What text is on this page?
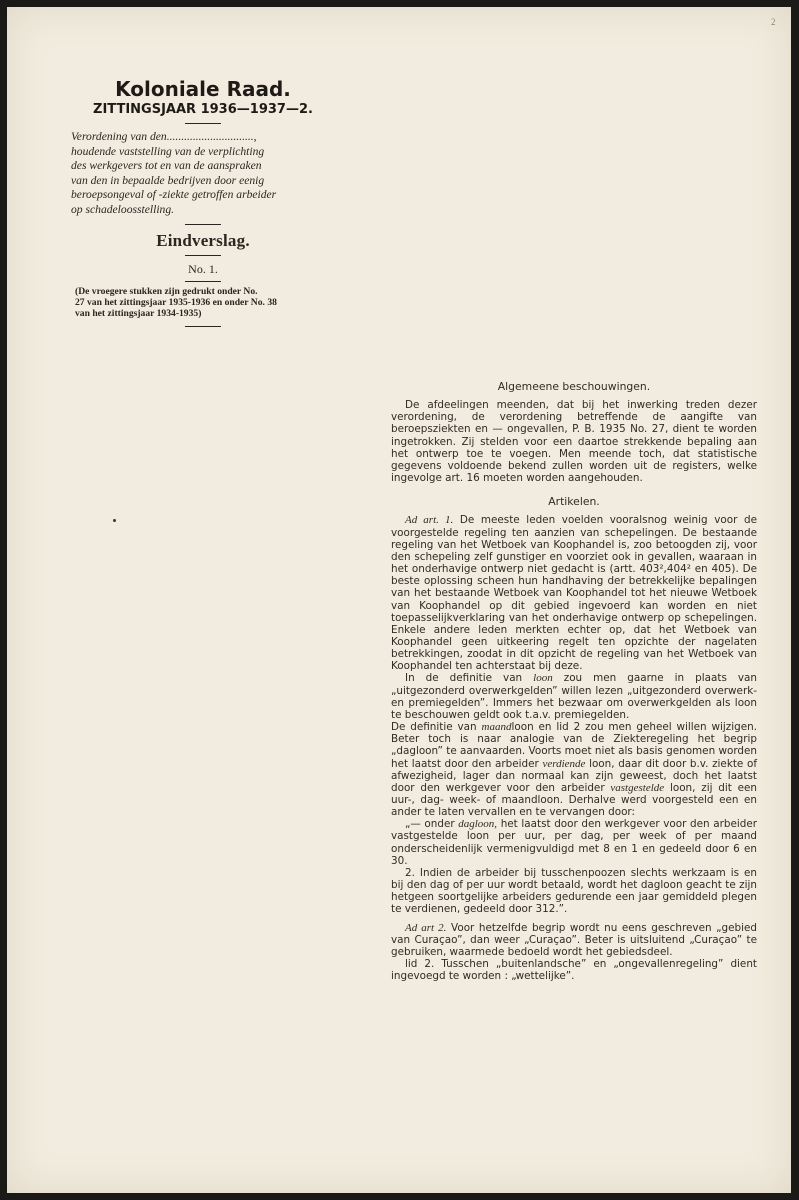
2
Koloniale Raad.
ZITTINGSJAAR 1936—1937—2.
Verordening van den..............................,
houdende vaststelling van de verplichting
des werkgevers tot en van de aanspraken
van den in bepaalde bedrijven door eenig
beroepsongeval of -ziekte getroffen arbeider
op schadeloosstelling.
Eindverslag.
No. 1.
(De vroegere stukken zijn gedrukt onder No.
27 van het zittingsjaar 1935-1936 en onder No. 38
van het zittingsjaar 1934-1935)

Algemeene beschouwingen.

De afdeelingen meenden, dat bij het inwerking treden dezer verordening, de verordening betreffende de aangifte van beroepsziekten en — ongevallen, P. B. 1935 No. 27, dient te worden ingetrokken. Zij stelden voor een daartoe strekkende bepaling aan het ontwerp toe te voegen. Men meende toch, dat statistische gegevens voldoende bekend zullen worden uit de registers, welke ingevolge art. 16 moeten worden aangehouden.

Artikelen.

Ad art. 1. De meeste leden voelden vooralsnog weinig voor de voorgestelde regeling ten aanzien van schepelingen. De bestaande regeling van het Wetboek van Koophandel is, zoo betoogden zij, voor den schepeling zelf gunstiger en voorziet ook in gevallen, waaraan in het onderhavige ontwerp niet gedacht is (artt. 403²,404² en 405). De beste oplossing scheen hun handhaving der betrekkelijke bepalingen van het bestaande Wetboek van Koophandel tot het nieuwe Wetboek van Koophandel op dit gebied ingevoerd kan worden en niet toepasselijkverklaring van het onderhavige ontwerp op schepelingen. Enkele andere leden merkten echter op, dat het Wetboek van Koophandel geen uitkeering regelt ten opzichte der nagelaten betrekkingen, zoodat in dit opzicht de regeling van het Wetboek van Koophandel ten achterstaat bij deze.

In de definitie van loon zou men gaarne in plaats van „uitgezonderd overwerkgelden” willen lezen „uitgezonderd overwerk- en premiegelden”. Immers het bezwaar om overwerkgelden als loon te beschouwen geldt ook t.a.v. premiegelden.

De definitie van maandloon en lid 2 zou men geheel willen wijzigen. Beter toch is naar analogie van de Ziekteregeling het begrip „dagloon” te aanvaarden. Voorts moet niet als basis genomen worden het laatst door den arbeider verdiende loon, daar dit door b.v. ziekte of afwezigheid, lager dan normaal kan zijn geweest, doch het laatst door den werkgever voor den arbeider vastgestelde loon, zij dit een uur-, dag- week- of maandloon. Derhalve werd voorgesteld een en ander te laten vervallen en te vervangen door:

„— onder dagloon, het laatst door den werkgever voor den arbeider vastgestelde loon per uur, per dag, per week of per maand onderscheidenlijk vermenigvuldigd met 8 en 1 en gedeeld door 6 en 30.

2. Indien de arbeider bij tusschenpoozen slechts werkzaam is en bij den dag of per uur wordt betaald, wordt het dagloon geacht te zijn hetgeen soortgelijke arbeiders gedurende een jaar gemiddeld plegen te verdienen, gedeeld door 312.”.

Ad art 2. Voor hetzelfde begrip wordt nu eens geschreven „gebied van Curaçao”, dan weer „Curaçao”. Beter is uitsluitend „Curaçao” te gebruiken, waarmede bedoeld wordt het gebiedsdeel.

lid 2. Tusschen „buitenlandsche” en „ongevallenregeling” dient ingevoegd te worden : „wettelijke”.
